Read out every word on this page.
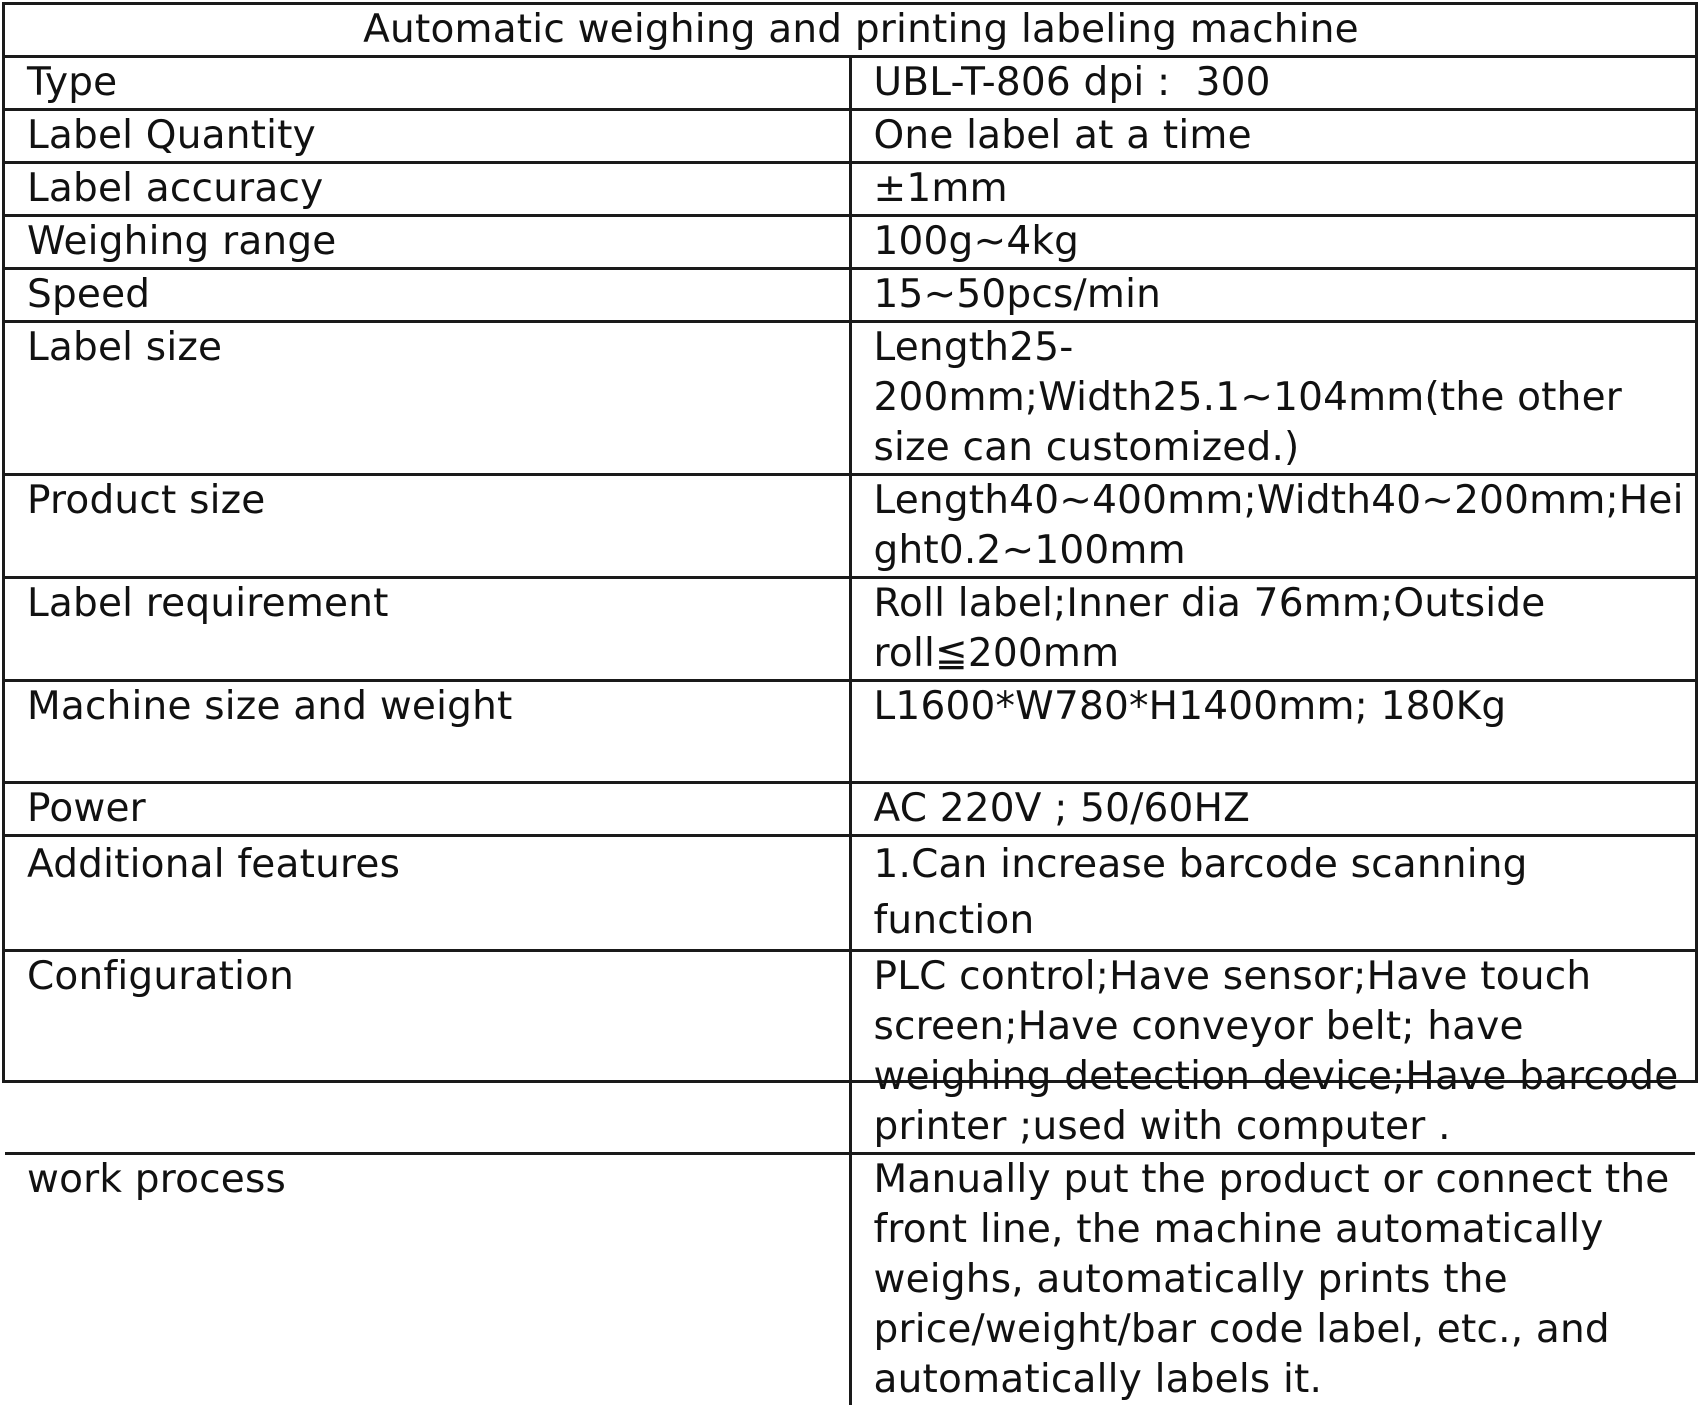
Automatic weighing and printing labeling machine	
Type	UBL-T-806 dpi :  300
Label Quantity	One label at a time
Label accuracy	±1mm
Weighing range	100g~4kg
Speed	15~50pcs/min
Label size	Length25-200mm;Width25.1~104mm(the other size can customized.)
Product size	Length40~400mm;Width40~200mm;Height0.2~100mm
Label requirement	Roll label;Inner dia 76mm;Outside roll≦200mm
Machine size and weight	L1600*W780*H1400mm; 180Kg
Power	AC 220V ; 50/60HZ
Additional features	1.Can increase barcode scanning function
Configuration	PLC control;Have sensor;Have touch screen;Have conveyor belt; have weighing detection device;Have barcode printer ;used with computer .
work process	Manually put the product or connect the front line, the machine automatically weighs, automatically prints the price/weight/bar code label, etc., and automatically labels it.
